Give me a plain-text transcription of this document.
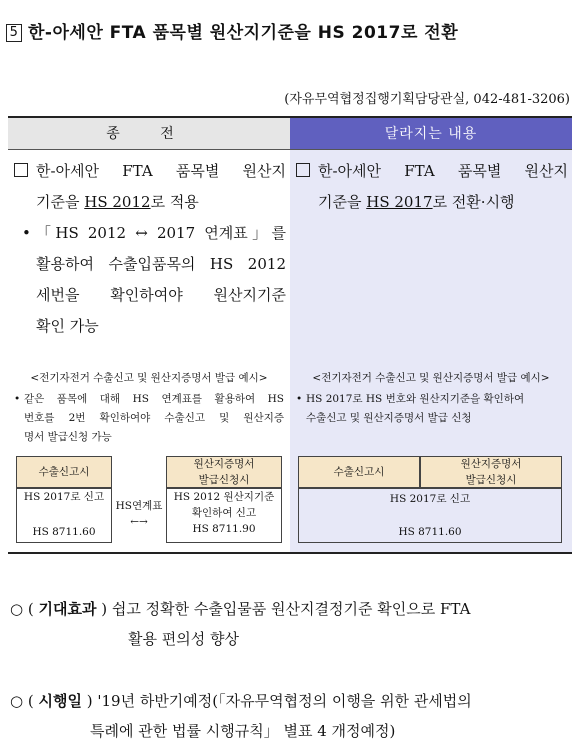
5 한-아세안 FTA 품목별 원산지기준을 HS 2017로 전환
(자유무역협정집행기획담당관실, 042-481-3206)
종 전
한-아세안 FTA 품목별 원산지
기준을 HS 2012로 적용
• 「HS 2012 ↔ 2017 연계표」를
활용하여 수출입품목의 HS 2012
세번을 확인하여야 원산지기준
확인 가능
<전기자전거 수출신고 및 원산지증명서 발급 예시>
• 같은 품목에 대해 HS 연계표를 활용하여 HS
번호를 2번 확인하여야 수출신고 및 원산지증
명서 발급신청 가능
수출신고시
원산지증명서
발급신청시
HS 2017로 신고
HS 8711.60
HS연계표
←→
HS 2012 원산지기준
확인하여 신고
HS 8711.90
달라지는 내용
한-아세안 FTA 품목별 원산지
기준을 HS 2017로 전환·시행
<전기자전거 수출신고 및 원산지증명서 발급 예시>
• HS 2017로 HS 번호와 원산지기준을 확인하여
수출신고 및 원산지증명서 발급 신청
수출신고시
원산지증명서
발급신청시
HS 2017로 신고
HS 8711.60
○ ( 기대효과 ) 쉽고 정확한 수출입물품 원산지결정기준 확인으로 FTA
활용 편의성 향상
○ ( 시행일 ) '19년 하반기예정(「자유무역협정의 이행을 위한 관세법의
특례에 관한 법률 시행규칙」 별표 4 개정예정)
